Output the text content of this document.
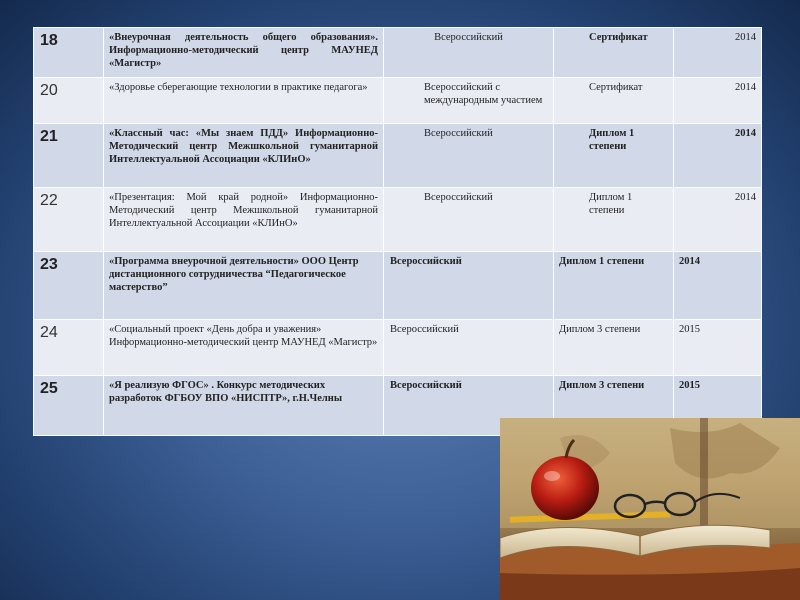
18	«Внеурочная деятельность общего образования». Информационно-методический центр МАУНЕД «Магистр»	Всероссийский	Сертификат	2014
20	«Здоровье сберегающие технологии в практике педагога»	Всероссийский с международным участием	Сертификат	2014
21	«Классный час: «Мы знаем ПДД» Информационно-Методический центр Межшкольной гуманитарной Интеллектуальной Ассоциации «КЛИнО»	Всероссийский	Диплом 1 степени	2014
22	«Презентация: Мой край родной» Информационно-Методический центр Межшкольной гуманитарной Интеллектуальной Ассоциации «КЛИнО»	Всероссийский	Диплом 1 степени	2014
23	«Программа внеурочной деятельности» ООО Центр дистанционного сотрудничества “Педагогическое мастерство”	Всероссийский	Диплом 1 степени	2014
24	«Социальный проект «День добра и уважения» Информационно-методический центр МАУНЕД «Магистр»	Всероссийский	Диплом 3 степени	2015
25	«Я реализую ФГОС» . Конкурс методических разработок ФГБОУ ВПО «НИСПТР», г.Н.Челны	Всероссийский	Диплом 3 степени	2015
